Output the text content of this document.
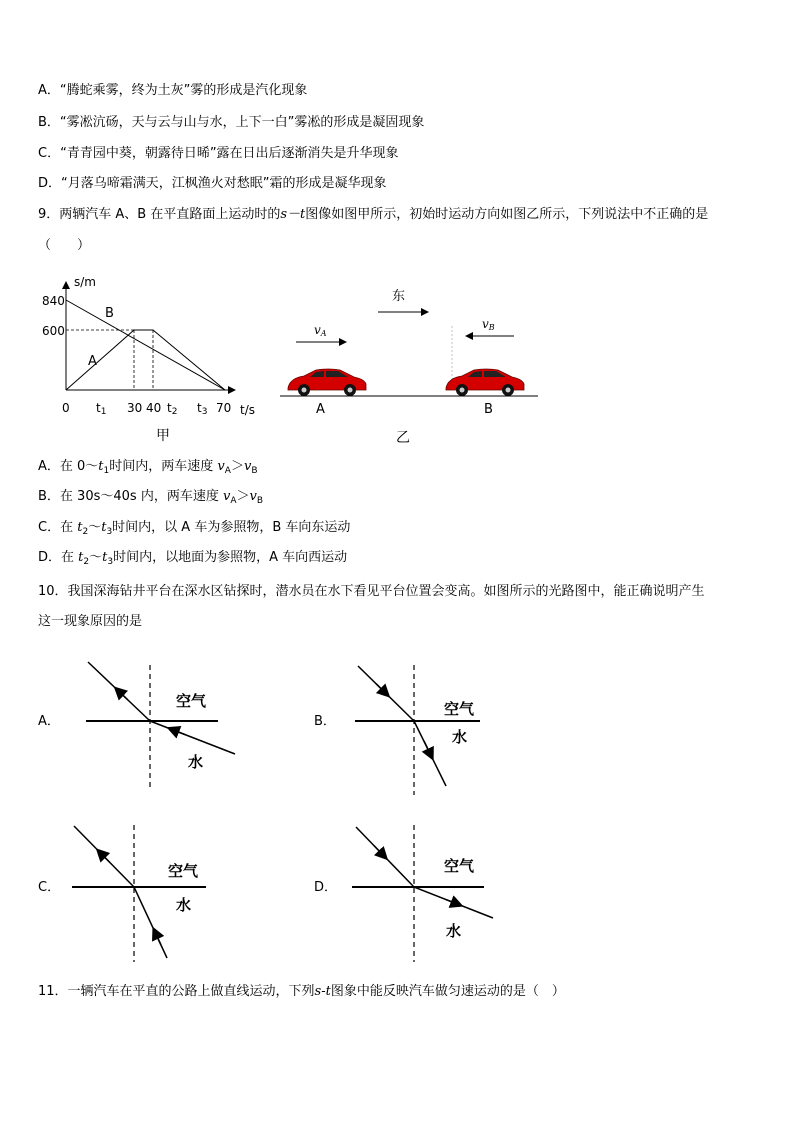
A．“腾蛇乘雾，终为土灰”雾的形成是汽化现象
B．“雾凇沆砀，天与云与山与水，上下一白”雾凇的形成是凝固现象
C．“青青园中葵，朝露待日晞”露在日出后逐渐消失是升华现象
D．“月落乌啼霜满天，江枫渔火对愁眠”霜的形成是凝华现象
9．两辆汽车 A、B 在平直路面上运动时的s－t图像如图甲所示，初始时运动方向如图乙所示，下列说法中不正确的是
（　　）
s/m
840
600
B
A
0 t1 30 40 t2 t3 70 t/s
甲
东
vA
vB
A	B
乙
A．在 $0\sim t_1$时间内，两车速度 $v_A>v_B$
B．在 30s～40s 内，两车速度 $v_A>v_B$
C．在 $t_2\sim t_3$时间内，以 A 车为参照物，B 车向东运动
D．在 $t_2\sim t_3$时间内，以地面为参照物，A 车向西运动
10．我国深海钻井平台在深水区钻探时，潜水员在水下看见平台位置会变高。如图所示的光路图中，能正确说明产生
这一现象原因的是
A．
空气
水
B．
空气
水
C．
空气
水
D．
空气
水
11．一辆汽车在平直的公路上做直线运动，下列s-t图象中能反映汽车做匀速运动的是（　）
